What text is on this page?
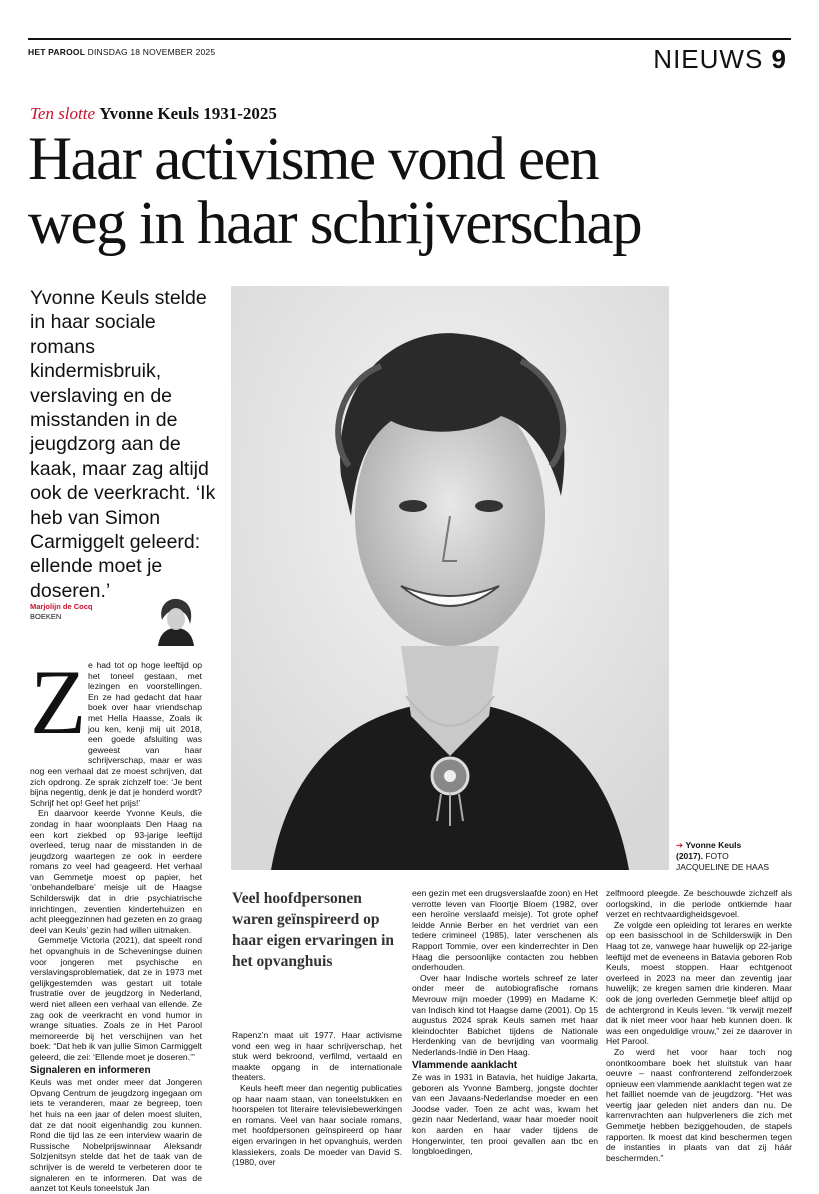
HET PAROOL DINSDAG 18 NOVEMBER 2025	NIEUWS 9
Ten slotte Yvonne Keuls 1931-2025
Haar activisme vond een
weg in haar schrijverschap
Yvonne Keuls stelde in haar sociale romans kindermisbruik, verslaving en de misstanden in de jeugdzorg aan de kaak, maar zag altijd ook de veerkracht. ‘Ik heb van Simon Carmiggelt geleerd: ellende moet je doseren.’
➔ Yvonne Keuls
(2017). FOTO
JACQUELINE DE HAAS
Marjolijn de Cocq
BOEKEN
Z e had tot op hoge leeftijd op het toneel gestaan, met lezingen en voorstellingen. En ze had gedacht dat haar boek over haar vriendschap met Hella Haasse, Zoals ik jou ken, kenji mij uit 2018, een goede afsluiting was geweest van haar schrijverschap, maar er was nog een verhaal dat ze moest schrijven, dat zich opdrong. Ze sprak zichzelf toe: ‘Je bent bijna negentig, denk je dat je honderd wordt? Schrijf het op! Geef het prijs!’

En daarvoor keerde Yvonne Keuls, die zondag in haar woonplaats Den Haag na een kort ziekbed op 93-jarige leeftijd overleed, terug naar de misstanden in de jeugdzorg waartegen ze ook in eerdere romans zo veel had geageerd. Het verhaal van Gemmetje moest op papier, het ‘onbehandelbare’ meisje uit de Haagse Schilderswijk dat in drie psychiatrische inrichtingen, zeventien kindertehuizen en acht pleeggezinnen had gezeten en zo graag deel van Keuls’ gezin had willen uitmaken.

Gemmetje Victoria (2021), dat speelt rond het opvanghuis in de Scheveningse duinen voor jongeren met psychische en verslavingsproblematiek, dat ze in 1973 met gelijkgestemden was gestart uit totale frustratie over de jeugdzorg in Nederland, werd niet alleen een verhaal van ellende. Ze zag ook de veerkracht en vond humor in wrange situaties. Zoals ze in Het Parool memoreerde bij het verschijnen van het boek: “Dat heb ik van jullie Simon Carmiggelt geleerd, die zei: ‘Ellende moet je doseren.’”

Signaleren en informeren

Keuls was met onder meer dat Jongeren Opvang Centrum de jeugdzorg ingegaan om iets te veranderen, maar ze begreep, toen het huis na een jaar of delen moest sluiten, dat ze dat nooit eigenhandig zou kunnen. Rond die tijd las ze een interview waarin de Russische Nobelprijswinnaar Aleksandr Solzjenitsyn stelde dat het de taak van de schrijver is de wereld te verbeteren door te signaleren en te informeren. Dat was de aanzet tot Keuls toneelstuk Jan

Veel hoofdpersonen waren geïnspireerd op haar eigen ervaringen in het opvanghuis

Rapenz’n maat uit 1977. Haar activisme vond een weg in haar schrijverschap, het stuk werd bekroond, verfilmd, vertaald en maakte opgang in de internationale theaters.

Keuls heeft meer dan negentig publicaties op haar naam staan, van toneelstukken en hoorspelen tot literaire televisiebewerkingen en romans. Veel van haar sociale romans, met hoofdpersonen geïnspireerd op haar eigen ervaringen in het opvanghuis, werden klassiekers, zoals De moeder van David S. (1980, over

een gezin met een drugsverslaafde zoon) en Het verrotte leven van Floortje Bloem (1982, over een heroïne verslaafd meisje). Tot grote ophef leidde Annie Berber en het verdriet van een tedere crimineel (1985), later verschenen als Rapport Tommie, over een kinderrechter in Den Haag die persoonlijke contacten zou hebben onderhouden.

Over haar Indische wortels schreef ze later onder meer de autobiografische romans Mevrouw mijn moeder (1999) en Madame K: van Indisch kind tot Haagse dame (2001). Op 15 augustus 2024 sprak Keuls samen met haar kleindochter Babichet tijdens de Nationale Herdenking van de bevrijding van voormalig Nederlands-Indië in Den Haag.

Vlammende aanklacht

Ze was in 1931 in Batavia, het huidige Jakarta, geboren als Yvonne Bamberg, jongste dochter van een Javaans-Nederlandse moeder en een Joodse vader. Toen ze acht was, kwam het gezin naar Nederland, waar haar moeder nooit kon aarden en haar vader tijdens de Hongerwinter, ten prooi gevallen aan tbc en longbloedingen,

zelfmoord pleegde. Ze beschouwde zichzelf als oorlogskind, in die periode ontkiemde haar verzet en rechtvaardigheidsgevoel.

Ze volgde een opleiding tot lerares en werkte op een basisschool in de Schilderswijk in Den Haag tot ze, vanwege haar huwelijk op 22-jarige leeftijd met de eveneens in Batavia geboren Rob Keuls, moest stoppen. Haar echtgenoot overleed in 2023 na meer dan zeventig jaar huwelijk; ze kregen samen drie kinderen. Maar ook de jong overleden Gemmetje bleef altijd op de achtergrond in Keuls leven. “Ik verwijt mezelf dat ik niet meer voor haar heb kunnen doen. Ik was een ongeduldige vrouw,” zei ze daarover in Het Parool.

Zo werd het voor haar toch nog onontkoombare boek het sluitstuk van haar oeuvre – naast confronterend zelfonderzoek opnieuw een vlammende aanklacht tegen wat ze het failliet noemde van de jeugdzorg. “Het was veertig jaar geleden niet anders dan nu. De karrenvrachten aan hulpverleners die zich met Gemmetje hebben beziggehouden, de stapels rapporten. Ik moest dat kind beschermen tegen de instanties in plaats van dat zij háár beschermden.”
